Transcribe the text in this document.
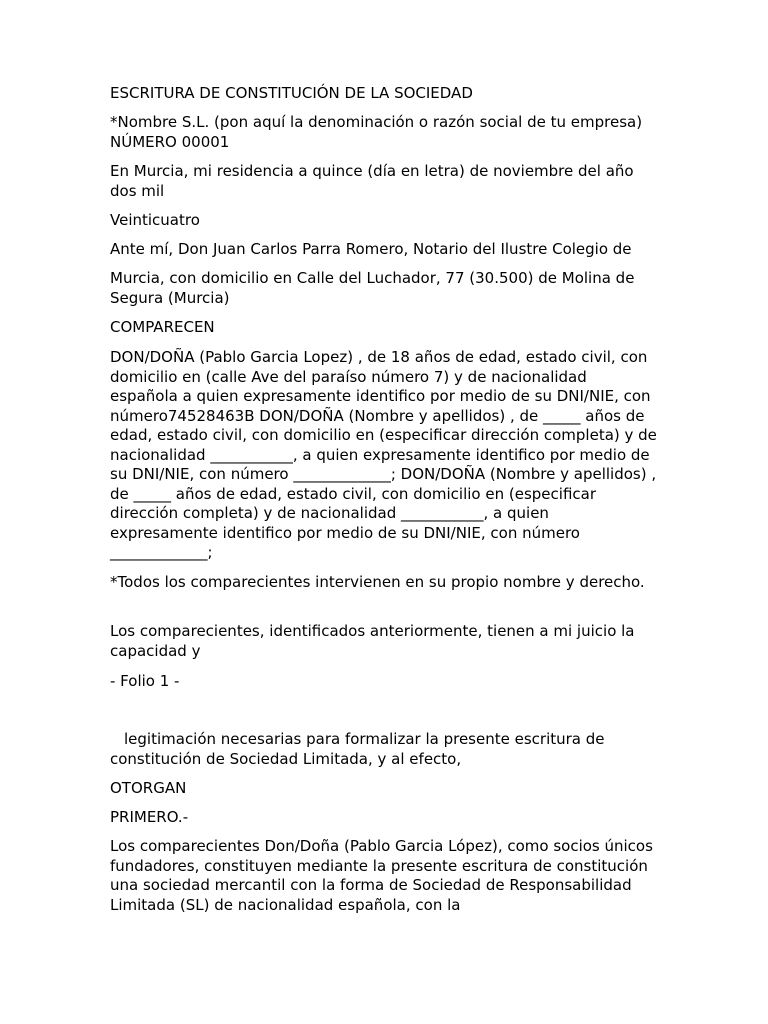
ESCRITURA DE CONSTITUCIÓN DE LA SOCIEDAD

*Nombre S.L. (pon aquí la denominación o razón social de tu empresa) NÚMERO 00001

En Murcia, mi residencia a quince (día en letra) de noviembre del año dos mil

Veinticuatro

Ante mí, Don Juan Carlos Parra Romero, Notario del Ilustre Colegio de

Murcia, con domicilio en Calle del Luchador, 77 (30.500) de Molina de Segura (Murcia)

COMPARECEN

DON/DOÑA (Pablo Garcia Lopez) , de 18 años de edad, estado civil, con domicilio en (calle Ave del paraíso número 7) y de nacionalidad española a quien expresamente identifico por medio de su DNI/NIE, con número74528463B DON/DOÑA (Nombre y apellidos) , de _____ años de edad, estado civil, con domicilio en (especificar dirección completa) y de nacionalidad ___________, a quien expresamente identifico por medio de su DNI/NIE, con número _____________; DON/DOÑA (Nombre y apellidos) , de _____ años de edad, estado civil, con domicilio en (especificar dirección completa) y de nacionalidad ___________, a quien expresamente identifico por medio de su DNI/NIE, con número _____________;

*Todos los comparecientes intervienen en su propio nombre y derecho.

Los comparecientes, identificados anteriormente, tienen a mi juicio la capacidad y

- Folio 1 -

legitimación necesarias para formalizar la presente escritura de constitución de Sociedad Limitada, y al efecto,

OTORGAN

PRIMERO.-

Los comparecientes Don/Doña (Pablo Garcia López), como socios únicos fundadores, constituyen mediante la presente escritura de constitución una sociedad mercantil con la forma de Sociedad de Responsabilidad Limitada (SL) de nacionalidad española, con la
